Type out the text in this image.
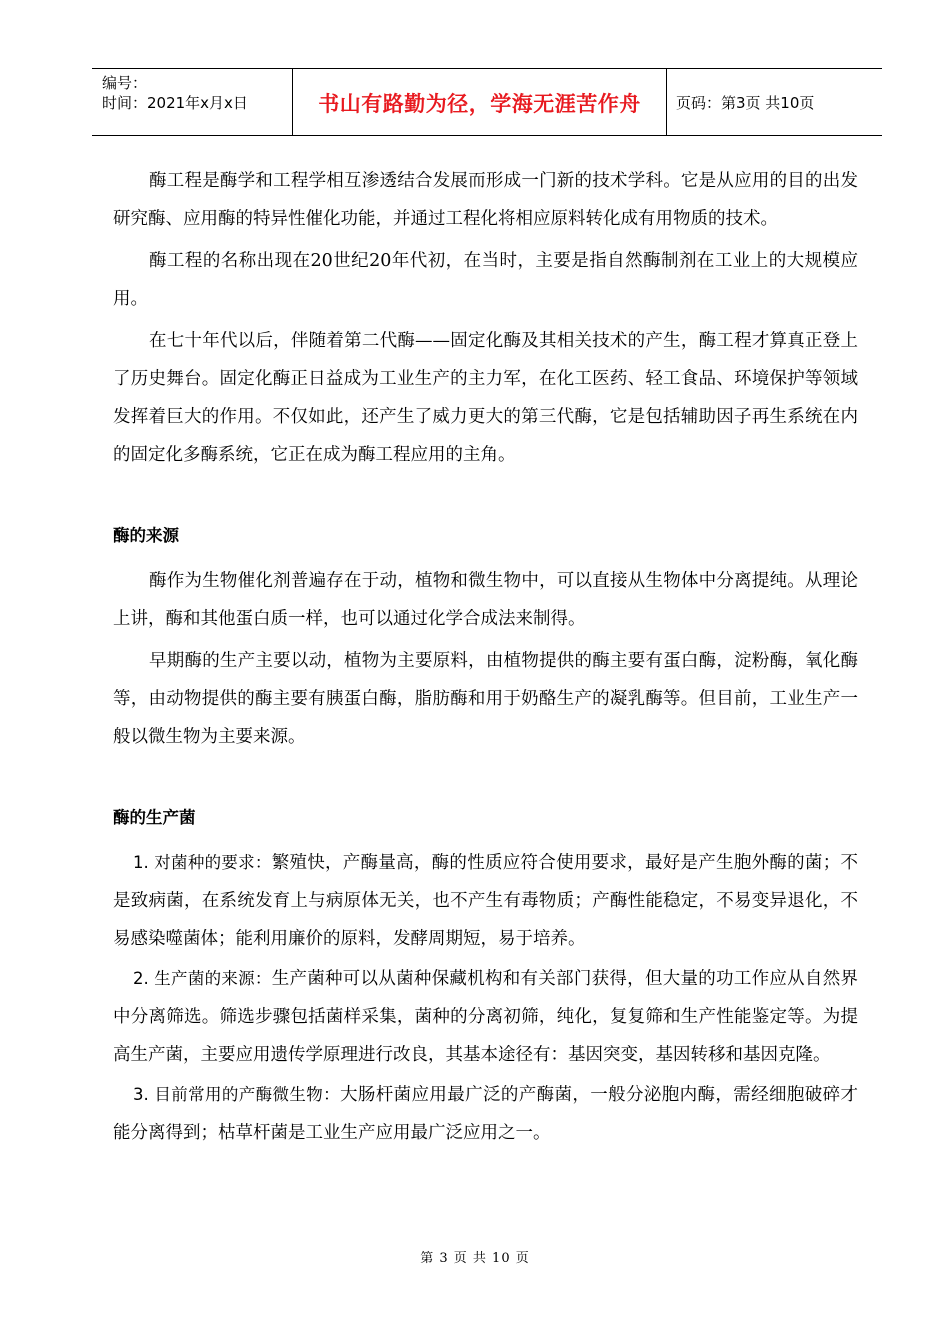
编号：
时间：2021年x月x日	书山有路勤为径，学海无涯苦作舟	页码：第3页 共10页

酶工程是酶学和工程学相互渗透结合发展而形成一门新的技术学科。它是从应用的目的出发研究酶、应用酶的特异性催化功能，并通过工程化将相应原料转化成有用物质的技术。

酶工程的名称出现在20世纪20年代初，在当时，主要是指自然酶制剂在工业上的大规模应用。

在七十年代以后，伴随着第二代酶——固定化酶及其相关技术的产生，酶工程才算真正登上了历史舞台。固定化酶正日益成为工业生产的主力军，在化工医药、轻工食品、环境保护等领域发挥着巨大的作用。不仅如此，还产生了威力更大的第三代酶，它是包括辅助因子再生系统在内的固定化多酶系统，它正在成为酶工程应用的主角。

酶的来源

酶作为生物催化剂普遍存在于动，植物和微生物中，可以直接从生物体中分离提纯。从理论上讲，酶和其他蛋白质一样，也可以通过化学合成法来制得。

早期酶的生产主要以动，植物为主要原料，由植物提供的酶主要有蛋白酶，淀粉酶，氧化酶等，由动物提供的酶主要有胰蛋白酶，脂肪酶和用于奶酪生产的凝乳酶等。但目前，工业生产一般以微生物为主要来源。

酶的生产菌

1. 对菌种的要求：繁殖快，产酶量高，酶的性质应符合使用要求，最好是产生胞外酶的菌；不是致病菌，在系统发育上与病原体无关，也不产生有毒物质；产酶性能稳定，不易变异退化，不易感染噬菌体；能利用廉价的原料，发酵周期短，易于培养。

2. 生产菌的来源：生产菌种可以从菌种保藏机构和有关部门获得，但大量的功工作应从自然界中分离筛选。筛选步骤包括菌样采集，菌种的分离初筛，纯化，复复筛和生产性能鉴定等。为提高生产菌，主要应用遗传学原理进行改良，其基本途径有：基因突变，基因转移和基因克隆。

3. 目前常用的产酶微生物：大肠杆菌应用最广泛的产酶菌，一般分泌胞内酶，需经细胞破碎才能分离得到；枯草杆菌是工业生产应用最广泛应用之一。

第 3 页 共 10 页
